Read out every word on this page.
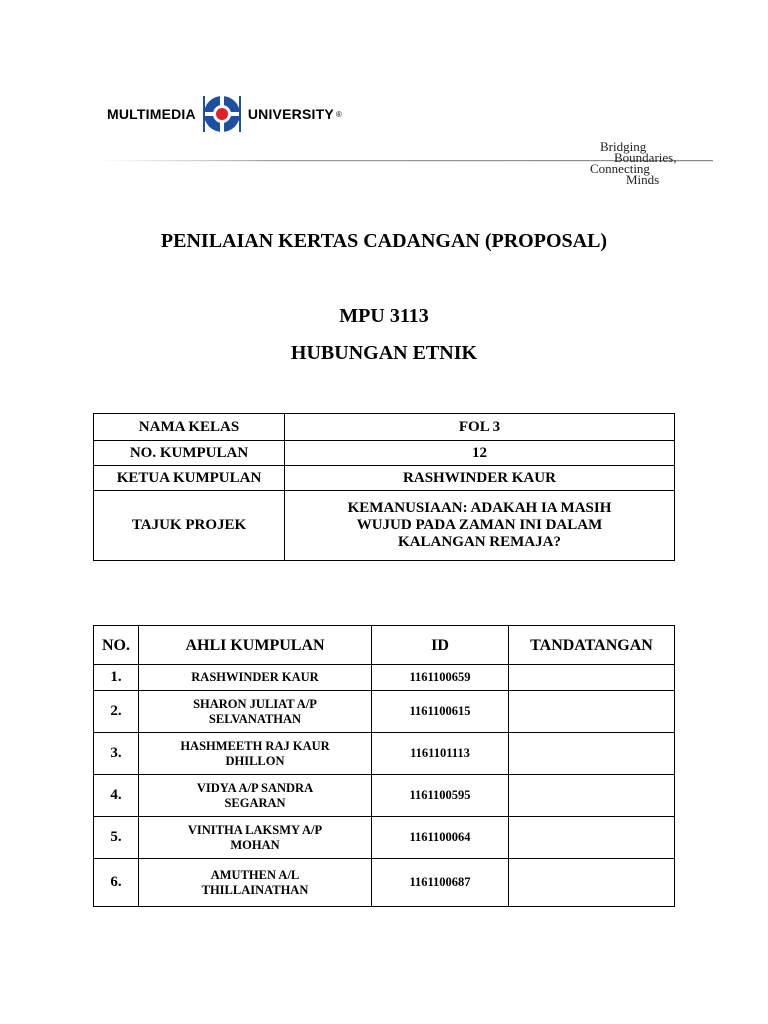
MULTIMEDIA	UNIVERSITY ®
Bridging
Boundaries,
Connecting
Minds
PENILAIAN KERTAS CADANGAN (PROPOSAL)
MPU 3113
HUBUNGAN ETNIK
NAMA KELAS	FOL 3
NO. KUMPULAN	12
KETUA KUMPULAN	RASHWINDER KAUR
TAJUK PROJEK	KEMANUSIAAN: ADAKAH IA MASIH WUJUD PADA ZAMAN INI DALAM KALANGAN REMAJA?
NO.	AHLI KUMPULAN	ID	TANDATANGAN
1.	RASHWINDER KAUR	1161100659	
2.	SHARON JULIAT A/P SELVANATHAN	1161100615	
3.	HASHMEETH RAJ KAUR DHILLON	1161101113	
4.	VIDYA A/P SANDRA SEGARAN	1161100595	
5.	VINITHA LAKSMY A/P MOHAN	1161100064	
6.	AMUTHEN A/L THILLAINATHAN	1161100687	
